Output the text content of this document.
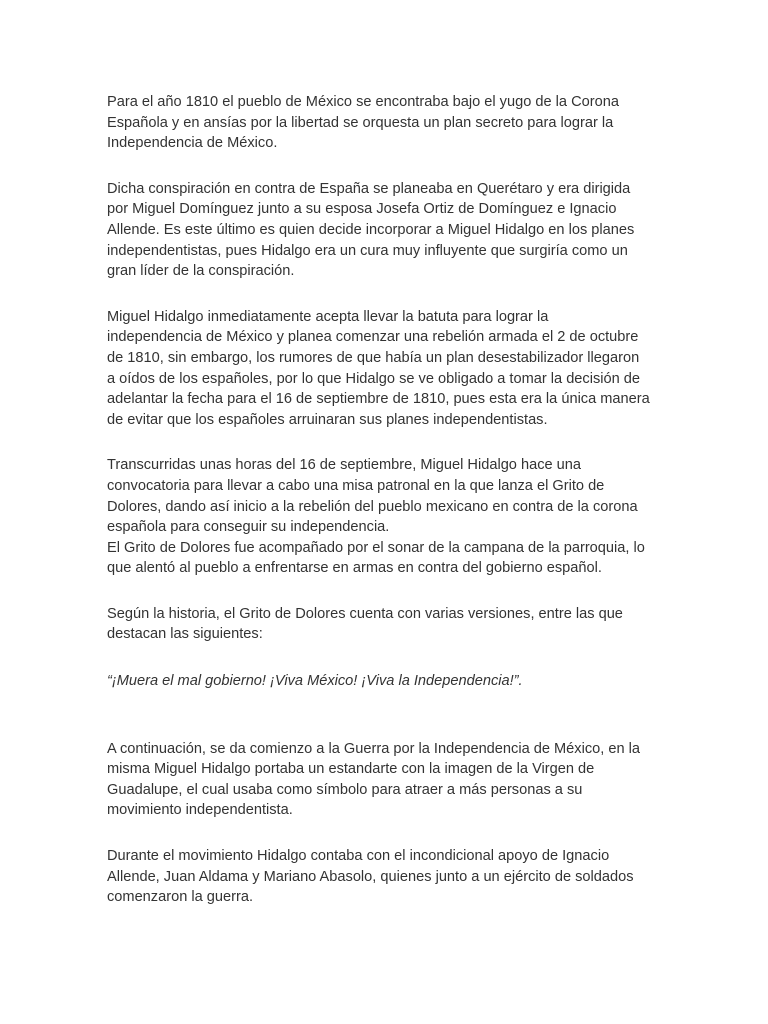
Para el año 1810 el pueblo de México se encontraba bajo el yugo de la Corona
Española y en ansías por la libertad se orquesta un plan secreto para lograr la
Independencia de México.

Dicha conspiración en contra de España se planeaba en Querétaro y era dirigida
por Miguel Domínguez junto a su esposa Josefa Ortiz de Domínguez e Ignacio
Allende. Es este último es quien decide incorporar a Miguel Hidalgo en los planes
independentistas, pues Hidalgo era un cura muy influyente que surgiría como un
gran líder de la conspiración.

Miguel Hidalgo inmediatamente acepta llevar la batuta para lograr la
independencia de México y planea comenzar una rebelión armada el 2 de octubre
de 1810, sin embargo, los rumores de que había un plan desestabilizador llegaron
a oídos de los españoles, por lo que Hidalgo se ve obligado a tomar la decisión de
adelantar la fecha para el 16 de septiembre de 1810, pues esta era la única manera
de evitar que los españoles arruinaran sus planes independentistas.

Transcurridas unas horas del 16 de septiembre, Miguel Hidalgo hace una
convocatoria para llevar a cabo una misa patronal en la que lanza el Grito de
Dolores, dando así inicio a la rebelión del pueblo mexicano en contra de la corona
española para conseguir su independencia.
El Grito de Dolores fue acompañado por el sonar de la campana de la parroquia, lo
que alentó al pueblo a enfrentarse en armas en contra del gobierno español.

Según la historia, el Grito de Dolores cuenta con varias versiones, entre las que
destacan las siguientes:

“¡Muera el mal gobierno! ¡Viva México! ¡Viva la Independencia!”.

A continuación, se da comienzo a la Guerra por la Independencia de México, en la
misma Miguel Hidalgo portaba un estandarte con la imagen de la Virgen de
Guadalupe, el cual usaba como símbolo para atraer a más personas a su
movimiento independentista.

Durante el movimiento Hidalgo contaba con el incondicional apoyo de Ignacio
Allende, Juan Aldama y Mariano Abasolo, quienes junto a un ejército de soldados
comenzaron la guerra.
